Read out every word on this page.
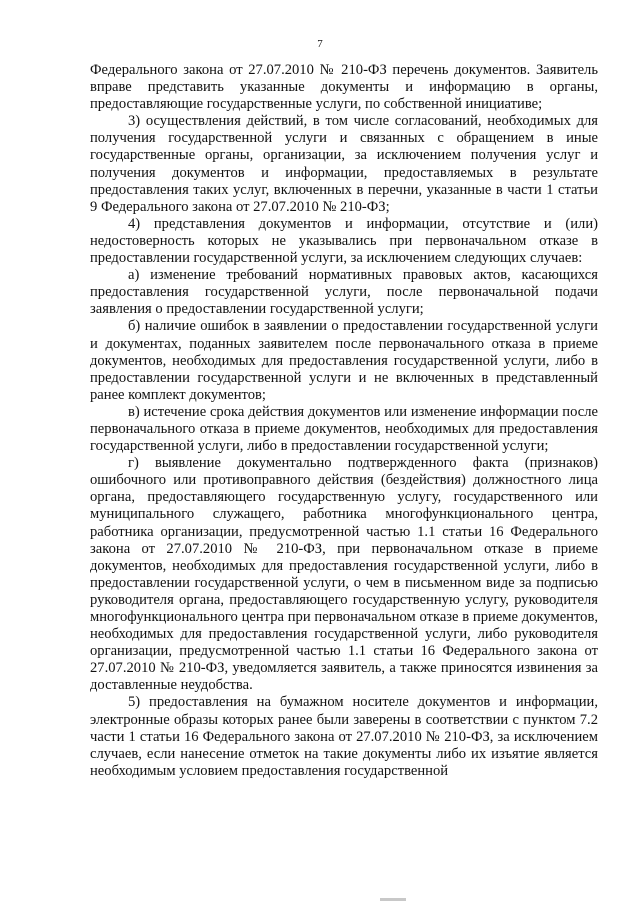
7

Федерального закона от 27.07.2010 № 210-ФЗ перечень документов. Заявитель вправе представить указанные документы и информацию в органы, предоставляющие государственные услуги, по собственной инициативе;

3) осуществления действий, в том числе согласований, необходимых для получения государственной услуги и связанных с обращением в иные государственные органы, организации, за исключением получения услуг и получения документов и информации, предоставляемых в результате предоставления таких услуг, включенных в перечни, указанные в части 1 статьи 9 Федерального закона от 27.07.2010 № 210-ФЗ;

4) представления документов и информации, отсутствие и (или) недостоверность которых не указывались при первоначальном отказе в предоставлении государственной услуги, за исключением следующих случаев:

а) изменение требований нормативных правовых актов, касающихся предоставления государственной услуги, после первоначальной подачи заявления о предоставлении государственной услуги;

б) наличие ошибок в заявлении о предоставлении государственной услуги и документах, поданных заявителем после первоначального отказа в приеме документов, необходимых для предоставления государственной услуги, либо в предоставлении государственной услуги и не включенных в представленный ранее комплект документов;

в) истечение срока действия документов или изменение информации после первоначального отказа в приеме документов, необходимых для предоставления государственной услуги, либо в предоставлении государственной услуги;

г) выявление документально подтвержденного факта (признаков) ошибочного или противоправного действия (бездействия) должностного лица органа, предоставляющего государственную услугу, государственного или муниципального служащего, работника многофункционального центра, работника организации, предусмотренной частью 1.1 статьи 16 Федерального закона от 27.07.2010 № 210-ФЗ, при первоначальном отказе в приеме документов, необходимых для предоставления государственной услуги, либо в предоставлении государственной услуги, о чем в письменном виде за подписью руководителя органа, предоставляющего государственную услугу, руководителя многофункционального центра при первоначальном отказе в приеме документов, необходимых для предоставления государственной услуги, либо руководителя организации, предусмотренной частью 1.1 статьи 16 Федерального закона от 27.07.2010 № 210-ФЗ, уведомляется заявитель, а также приносятся извинения за доставленные неудобства.

5) предоставления на бумажном носителе документов и информации, электронные образы которых ранее были заверены в соответствии с пунктом 7.2 части 1 статьи 16 Федерального закона от 27.07.2010 № 210-ФЗ, за исключением случаев, если нанесение отметок на такие документы либо их изъятие является необходимым условием предоставления государственной
